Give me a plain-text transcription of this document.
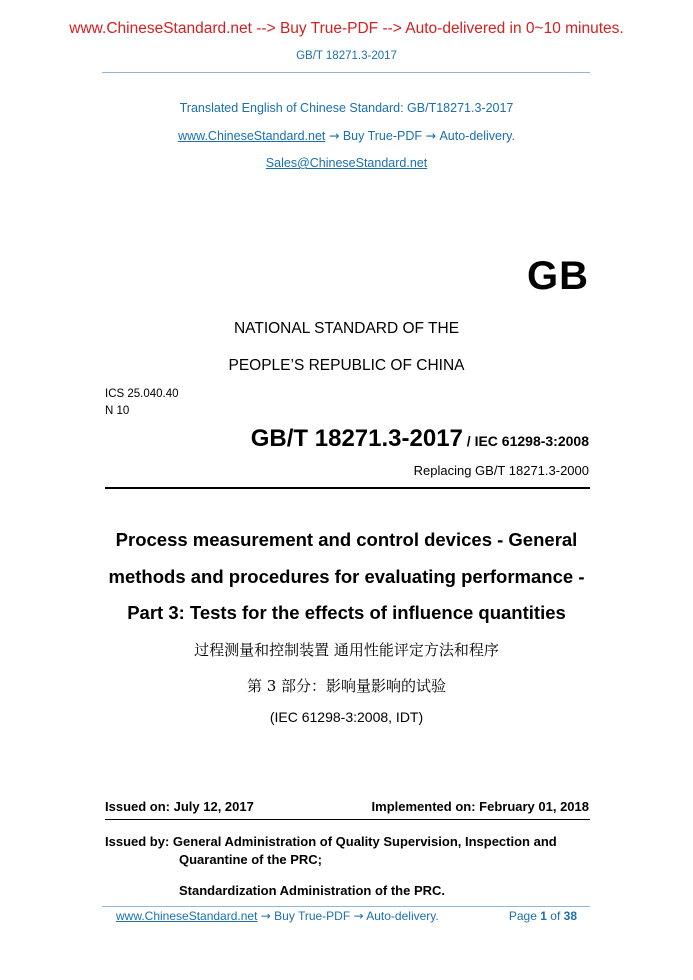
www.ChineseStandard.net --> Buy True-PDF --> Auto-delivered in 0~10 minutes.
GB/T 18271.3-2017
Translated English of Chinese Standard: GB/T18271.3-2017
www.ChineseStandard.net → Buy True-PDF → Auto-delivery.
Sales@ChineseStandard.net
GB
NATIONAL STANDARD OF THE
PEOPLE’S REPUBLIC OF CHINA
ICS 25.040.40
N 10
GB/T 18271.3-2017 / IEC 61298-3:2008
Replacing GB/T 18271.3-2000
Process measurement and control devices - General
methods and procedures for evaluating performance -
Part 3: Tests for the effects of influence quantities
过程测量和控制装置 通用性能评定方法和程序
第 3 部分：影响量影响的试验
(IEC 61298-3:2008, IDT)
Issued on: July 12, 2017	Implemented on: February 01, 2018
Issued by: General Administration of Quality Supervision, Inspection and
Quarantine of the PRC;
Standardization Administration of the PRC.
www.ChineseStandard.net → Buy True-PDF → Auto-delivery.	Page 1 of 38
